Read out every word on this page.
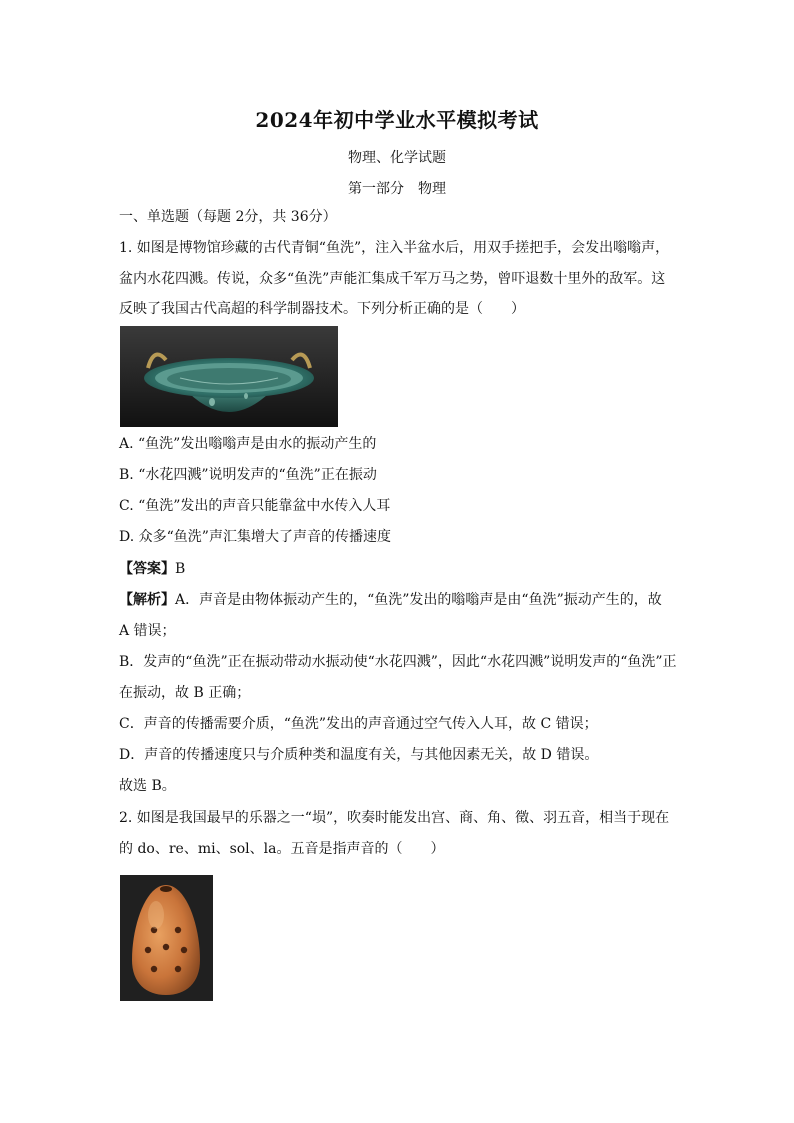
2024年初中学业水平模拟考试
物理、化学试题
第一部分　物理
一、单选题（每题 2分，共 36分）
1. 如图是博物馆珍藏的古代青铜“鱼洗”，注入半盆水后，用双手搓把手，会发出嗡嗡声，
盆内水花四溅。传说，众多“鱼洗”声能汇集成千军万马之势，曾吓退数十里外的敌军。这
反映了我国古代高超的科学制器技术。下列分析正确的是（　　）
A. “鱼洗”发出嗡嗡声是由水的振动产生的
B. “水花四溅”说明发声的“鱼洗”正在振动
C. “鱼洗”发出的声音只能靠盆中水传入人耳
D. 众多“鱼洗”声汇集增大了声音的传播速度
【答案】B
【解析】A．声音是由物体振动产生的，“鱼洗”发出的嗡嗡声是由“鱼洗”振动产生的，故
A 错误；
B．发声的“鱼洗”正在振动带动水振动使“水花四溅”，因此“水花四溅”说明发声的“鱼洗”正
在振动，故 B 正确；
C．声音的传播需要介质，“鱼洗”发出的声音通过空气传入人耳，故 C 错误；
D．声音的传播速度只与介质种类和温度有关，与其他因素无关，故 D 错误。
故选 B。
2. 如图是我国最早的乐器之一“埙”，吹奏时能发出宫、商、角、徵、羽五音，相当于现在
的 do、re、mi、sol、la。五音是指声音的（　　）
